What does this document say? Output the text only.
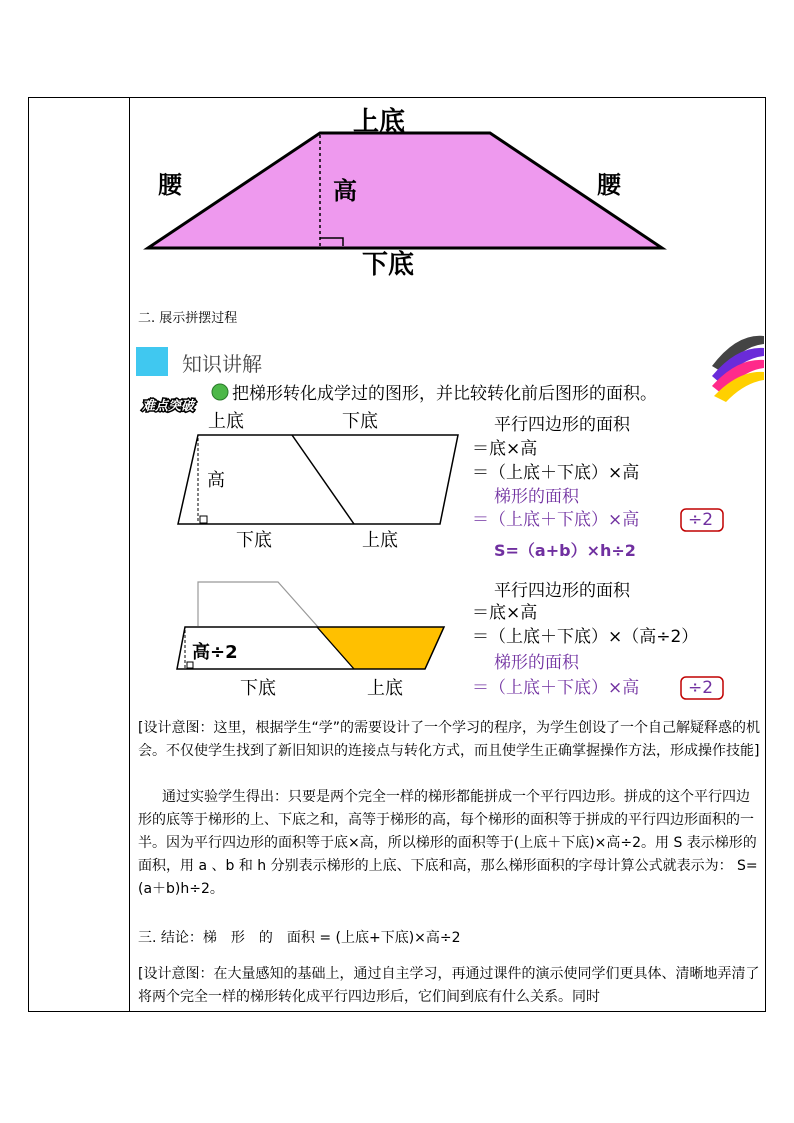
上底
下底
腰	腰
高
二. 展示拼摆过程
知识讲解
难点突破
把梯形转化成学过的图形，并比较转化前后图形的面积。
上底	下底
高
下底	上底
平行四边形的面积
＝底×高
＝（上底＋下底）×高
梯形的面积
＝（上底＋下底）×高	÷2
S=（a+b）×h÷2
高÷2
下底	上底
平行四边形的面积
＝底×高
＝（上底＋下底）×（高÷2）
梯形的面积
＝（上底＋下底）×高	÷2

[设计意图：这里，根据学生“学”的需要设计了一个学习的程序，为学生创设了一个自己解疑释惑的机会。不仅使学生找到了新旧知识的连接点与转化方式，而且使学生正确掌握操作方法，形成操作技能]

通过实验学生得出：只要是两个完全一样的梯形都能拼成一个平行四边形。拼成的这个平行四边形的底等于梯形的上、下底之和，高等于梯形的高，每个梯形的面积等于拼成的平行四边形面积的一半。因为平行四边形的面积等于底×高，所以梯形的面积等于(上底＋下底)×高÷2。用 S 表示梯形的面积，用 a 、b 和 h 分别表示梯形的上底、下底和高，那么梯形面积的字母计算公式就表示为： S=(a＋b)h÷2。

三. 结论：梯　形　的　面积 = (上底+下底)×高÷2

[设计意图：在大量感知的基础上，通过自主学习，再通过课件的演示使同学们更具体、清晰地弄清了将两个完全一样的梯形转化成平行四边形后，它们间到底有什么关系。同时
